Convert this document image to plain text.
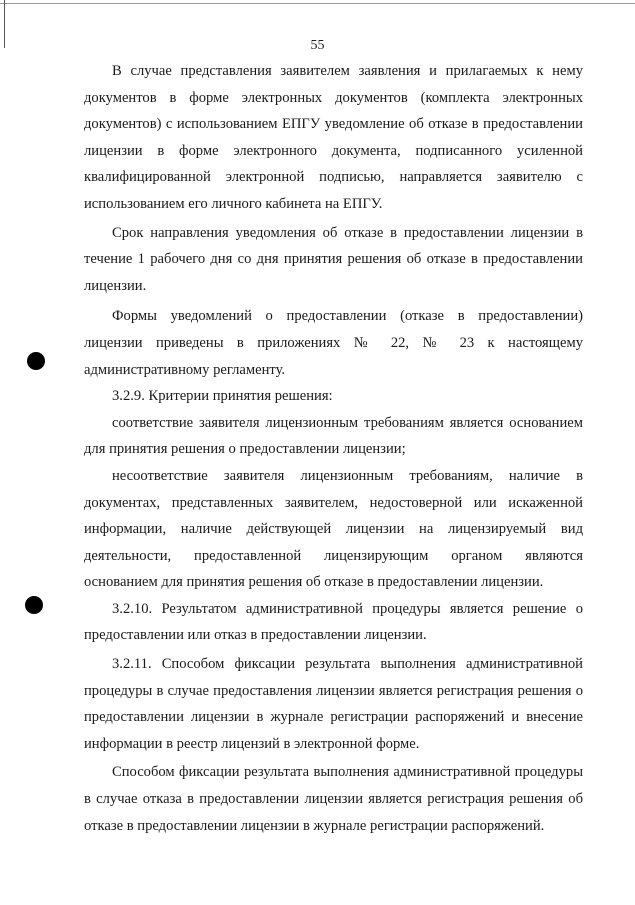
55

В случае представления заявителем заявления и прилагаемых к нему документов в форме электронных документов (комплекта электронных документов) с использованием ЕПГУ уведомление об отказе в предоставлении лицензии в форме электронного документа, подписанного усиленной квалифицированной электронной подписью, направляется заявителю с использованием его личного кабинета на ЕПГУ.

Срок направления уведомления об отказе в предоставлении лицензии в течение 1 рабочего дня со дня принятия решения об отказе в предоставлении лицензии.

Формы уведомлений о предоставлении (отказе в предоставлении) лицензии приведены в приложениях № 22, № 23 к настоящему административному регламенту.

3.2.9. Критерии принятия решения:

соответствие заявителя лицензионным требованиям является основанием для принятия решения о предоставлении лицензии;

несоответствие заявителя лицензионным требованиям, наличие в документах, представленных заявителем, недостоверной или искаженной информации, наличие действующей лицензии на лицензируемый вид деятельности, предоставленной лицензирующим органом являются основанием для принятия решения об отказе в предоставлении лицензии.

3.2.10. Результатом административной процедуры является решение о предоставлении или отказ в предоставлении лицензии.

3.2.11. Способом фиксации результата выполнения административной процедуры в случае предоставления лицензии является регистрация решения о предоставлении лицензии в журнале регистрации распоряжений и внесение информации в реестр лицензий в электронной форме.

Способом фиксации результата выполнения административной процедуры в случае отказа в предоставлении лицензии является регистрация решения об отказе в предоставлении лицензии в журнале регистрации распоряжений.
